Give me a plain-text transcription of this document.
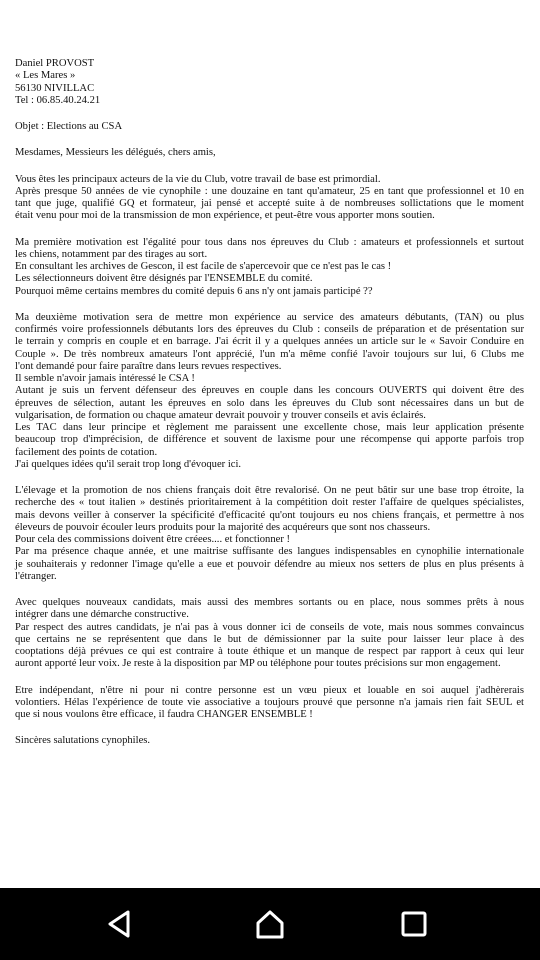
Daniel PROVOST
« Les Mares »
56130 NIVILLAC
Tel : 06.85.40.24.21
Objet : Elections au CSA
Mesdames, Messieurs les délégués, chers amis,
Vous êtes les principaux acteurs de la vie du Club, votre travail de base est primordial.
Après presque 50 années de vie cynophile : une douzaine en tant qu'amateur, 25 en tant que professionnel et 10 en
tant que juge, qualifié GQ et formateur, jai pensé et accepté suite à de nombreuses sollictations que le moment
était venu pour moi de la transmission de mon expérience, et peut-être vous apporter mons soutien.
Ma première motivation est l'égalité pour tous dans nos épreuves du Club : amateurs et professionnels et surtout
les chiens, notamment par des tirages au sort.
En consultant les archives de Gescon, il est facile de s'apercevoir que ce n'est pas le cas !
Les sélectionneurs doivent être désignés par l'ENSEMBLE du comité.
Pourquoi même certains membres du comité depuis 6 ans n'y ont jamais participé ??
Ma deuxième motivation sera de mettre mon expérience au service des amateurs débutants, (TAN) ou plus
confirmés voire professionnels débutants lors des épreuves du Club : conseils de préparation et de présentation sur
le terrain y compris en couple et en barrage. J'ai écrit il y a quelques années un article sur le « Savoir Conduire en
Couple ». De très nombreux amateurs l'ont apprécié, l'un m'a même confié l'avoir toujours sur lui, 6 Clubs me
l'ont demandé pour faire paraître dans leurs revues respectives.
Il semble n'avoir jamais intéressé le CSA !
Autant je suis un fervent défenseur des épreuves en couple dans les concours OUVERTS qui doivent être des
épreuves de sélection, autant les épreuves en solo dans les épreuves du Club sont nécessaires dans un but de
vulgarisation, de formation ou chaque amateur devrait pouvoir y trouver conseils et avis éclairés.
Les TAC dans leur principe et règlement me paraissent une excellente chose, mais leur application présente
beaucoup trop d'imprécision, de différence et souvent de laxisme pour une récompense qui apporte parfois trop
facilement des points de cotation.
J'ai quelques idées qu'il serait trop long d'évoquer ici.
L'élevage et la promotion de nos chiens français doit être revalorisé. On ne peut bâtir sur une base trop étroite, la
recherche des « tout italien » destinés prioritairement à la compétition doit rester l'affaire de quelques spécialistes,
mais devons veiller à conserver la spécificité d'efficacité qu'ont toujours eu nos chiens français, et permettre à nos
éleveurs de pouvoir écouler leurs produits pour la majorité des acquéreurs que sont nos chasseurs.
Pour cela des commissions doivent être créees.... et fonctionner !
Par ma présence chaque année, et une maitrise suffisante des langues indispensables en cynophilie internationale
je souhaiterais y redonner l'image qu'elle a eue et pouvoir défendre au mieux nos setters de plus en plus présents à
l'étranger.
Avec quelques nouveaux candidats, mais aussi des membres sortants ou en place, nous sommes prêts à nous
intégrer dans une démarche constructive.
Par respect des autres candidats, je n'ai pas à vous donner ici de conseils de vote, mais nous sommes convaincus
que certains ne se représentent que dans le but de démissionner par la suite pour laisser leur place à des
cooptations déjà prévues ce qui est contraire à toute éthique et un manque de respect par rapport à ceux qui leur
auront apporté leur voix. Je reste à la disposition par MP ou téléphone pour toutes précisions sur mon engagement.
Etre indépendant, n'être ni pour ni contre personne est un vœu pieux et louable en soi auquel j'adhèrerais
volontiers. Hélas l'expérience de toute vie associative a toujours prouvé que personne n'a jamais rien fait SEUL et
que si nous voulons être efficace, il faudra CHANGER ENSEMBLE !
Sincères salutations cynophiles.
